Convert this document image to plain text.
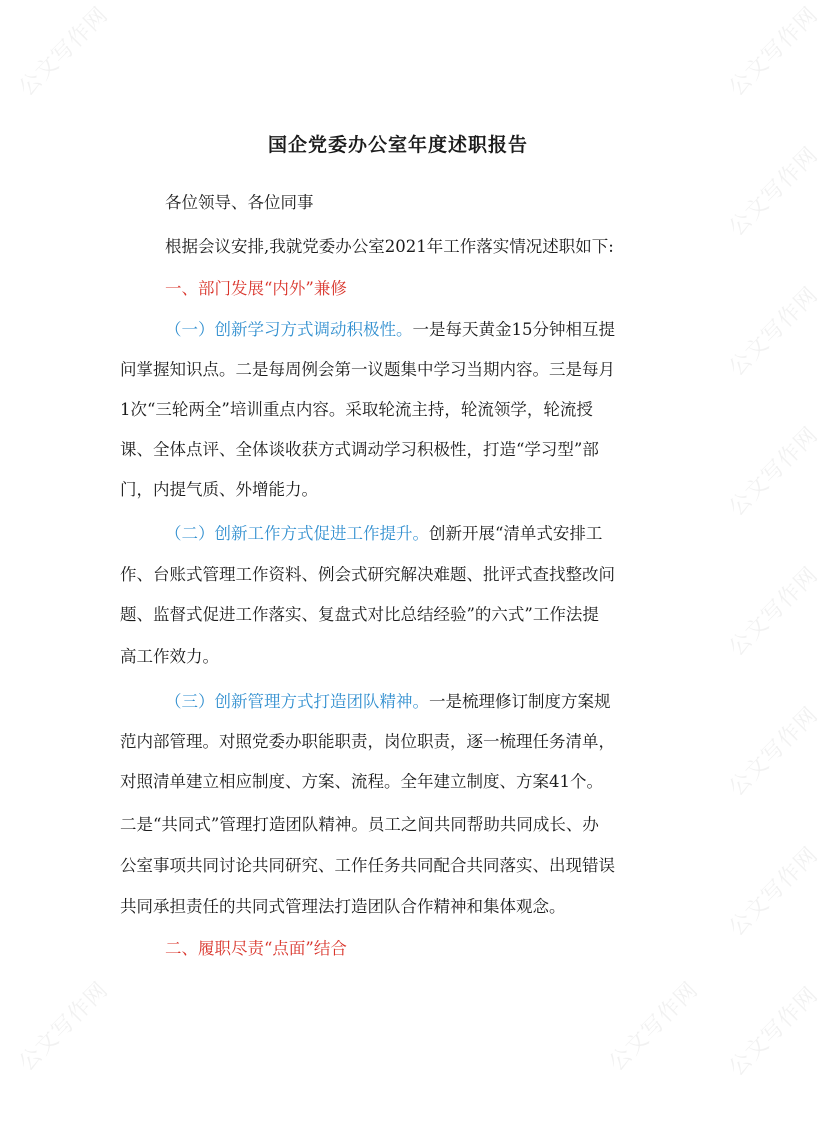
公文写作网
公文写作网
公文写作网
公文写作网
公文写作网
公文写作网
公文写作网
公文写作网
公文写作网
公文写作网
公文写作网
国企党委办公室年度述职报告
各位领导、各位同事
根据会议安排,我就党委办公室2021年工作落实情况述职如下:
一、部门发展“内外”兼修
（一）创新学习方式调动积极性。一是每天黄金15分钟相互提
问掌握知识点。二是每周例会第一议题集中学习当期内容。三是每月
1次“三轮两全”培训重点内容。采取轮流主持，轮流领学，轮流授
课、全体点评、全体谈收获方式调动学习积极性，打造“学习型”部
门，内提气质、外增能力。
（二）创新工作方式促进工作提升。创新开展“清单式安排工
作、台账式管理工作资料、例会式研究解决难题、批评式查找整改问
题、监督式促进工作落实、复盘式对比总结经验”的六式”工作法提
高工作效力。
（三）创新管理方式打造团队精神。一是梳理修订制度方案规
范内部管理。对照党委办职能职责，岗位职责，逐一梳理任务清单，
对照清单建立相应制度、方案、流程。全年建立制度、方案41个。
二是“共同式”管理打造团队精神。员工之间共同帮助共同成长、办
公室事项共同讨论共同研究、工作任务共同配合共同落实、出现错误
共同承担责任的共同式管理法打造团队合作精神和集体观念。
二、履职尽责“点面”结合
